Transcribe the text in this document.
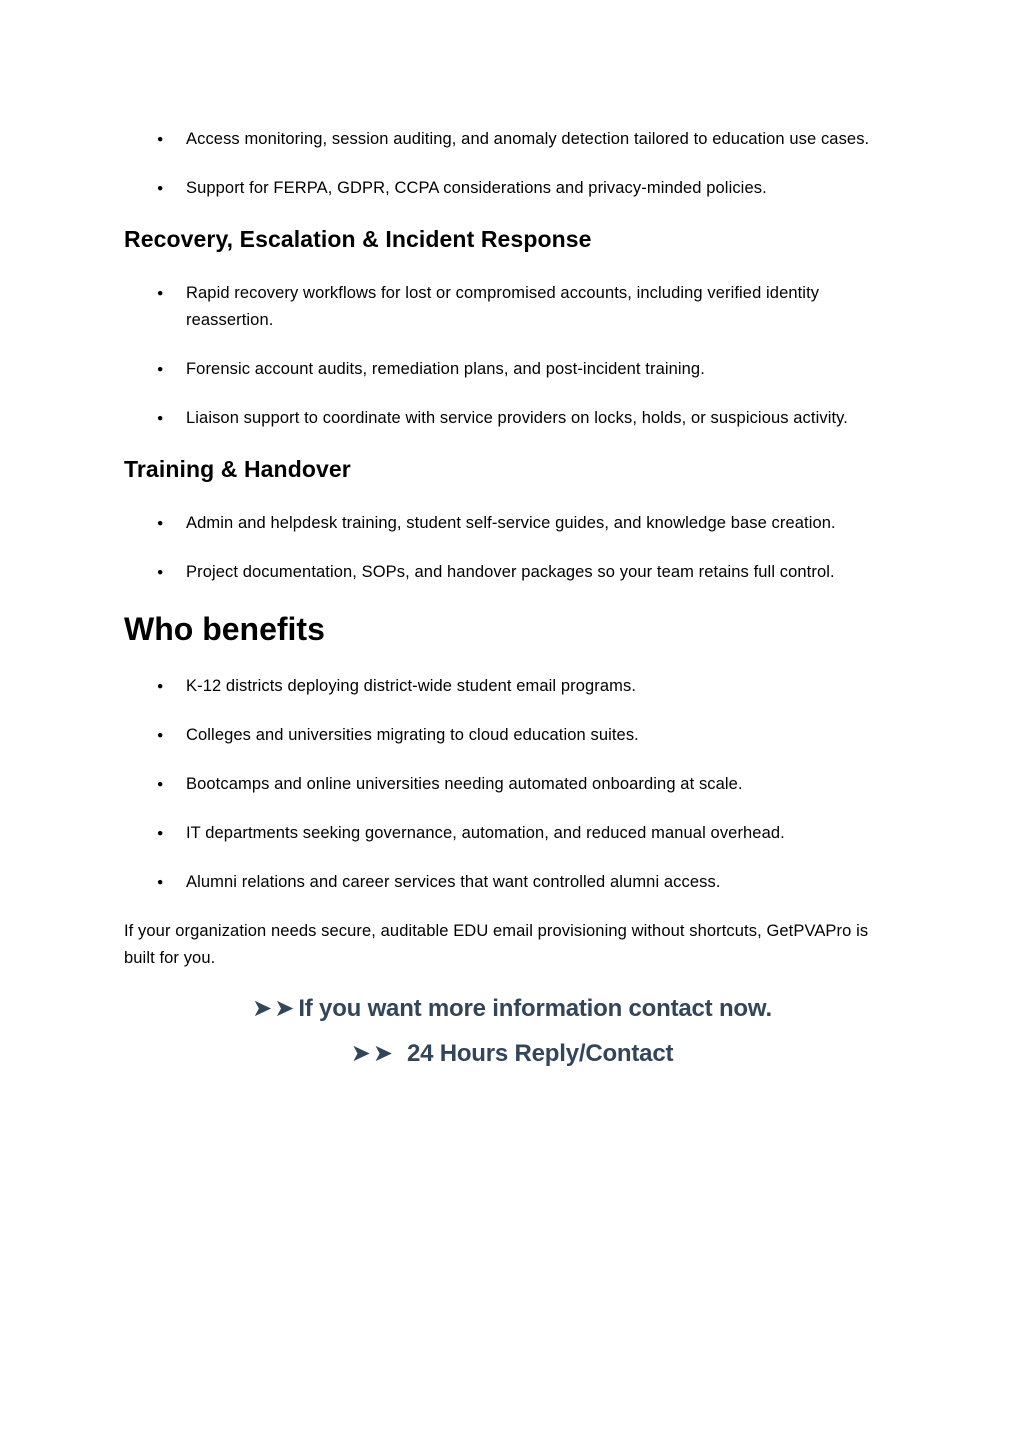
● Access monitoring, session auditing, and anomaly detection tailored to education use cases.
● Support for FERPA, GDPR, CCPA considerations and privacy-minded policies.
Recovery, Escalation & Incident Response
● Rapid recovery workflows for lost or compromised accounts, including verified identity reassertion.
● Forensic account audits, remediation plans, and post-incident training.
● Liaison support to coordinate with service providers on locks, holds, or suspicious activity.
Training & Handover
● Admin and helpdesk training, student self-service guides, and knowledge base creation.
● Project documentation, SOPs, and handover packages so your team retains full control.
Who benefits
● K-12 districts deploying district-wide student email programs.
● Colleges and universities migrating to cloud education suites.
● Bootcamps and online universities needing automated onboarding at scale.
● IT departments seeking governance, automation, and reduced manual overhead.
● Alumni relations and career services that want controlled alumni access.

If your organization needs secure, auditable EDU email provisioning without shortcuts, GetPVAPro is built for you.

➤➤If you want more information contact now.
➤➤ 24 Hours Reply/Contact
